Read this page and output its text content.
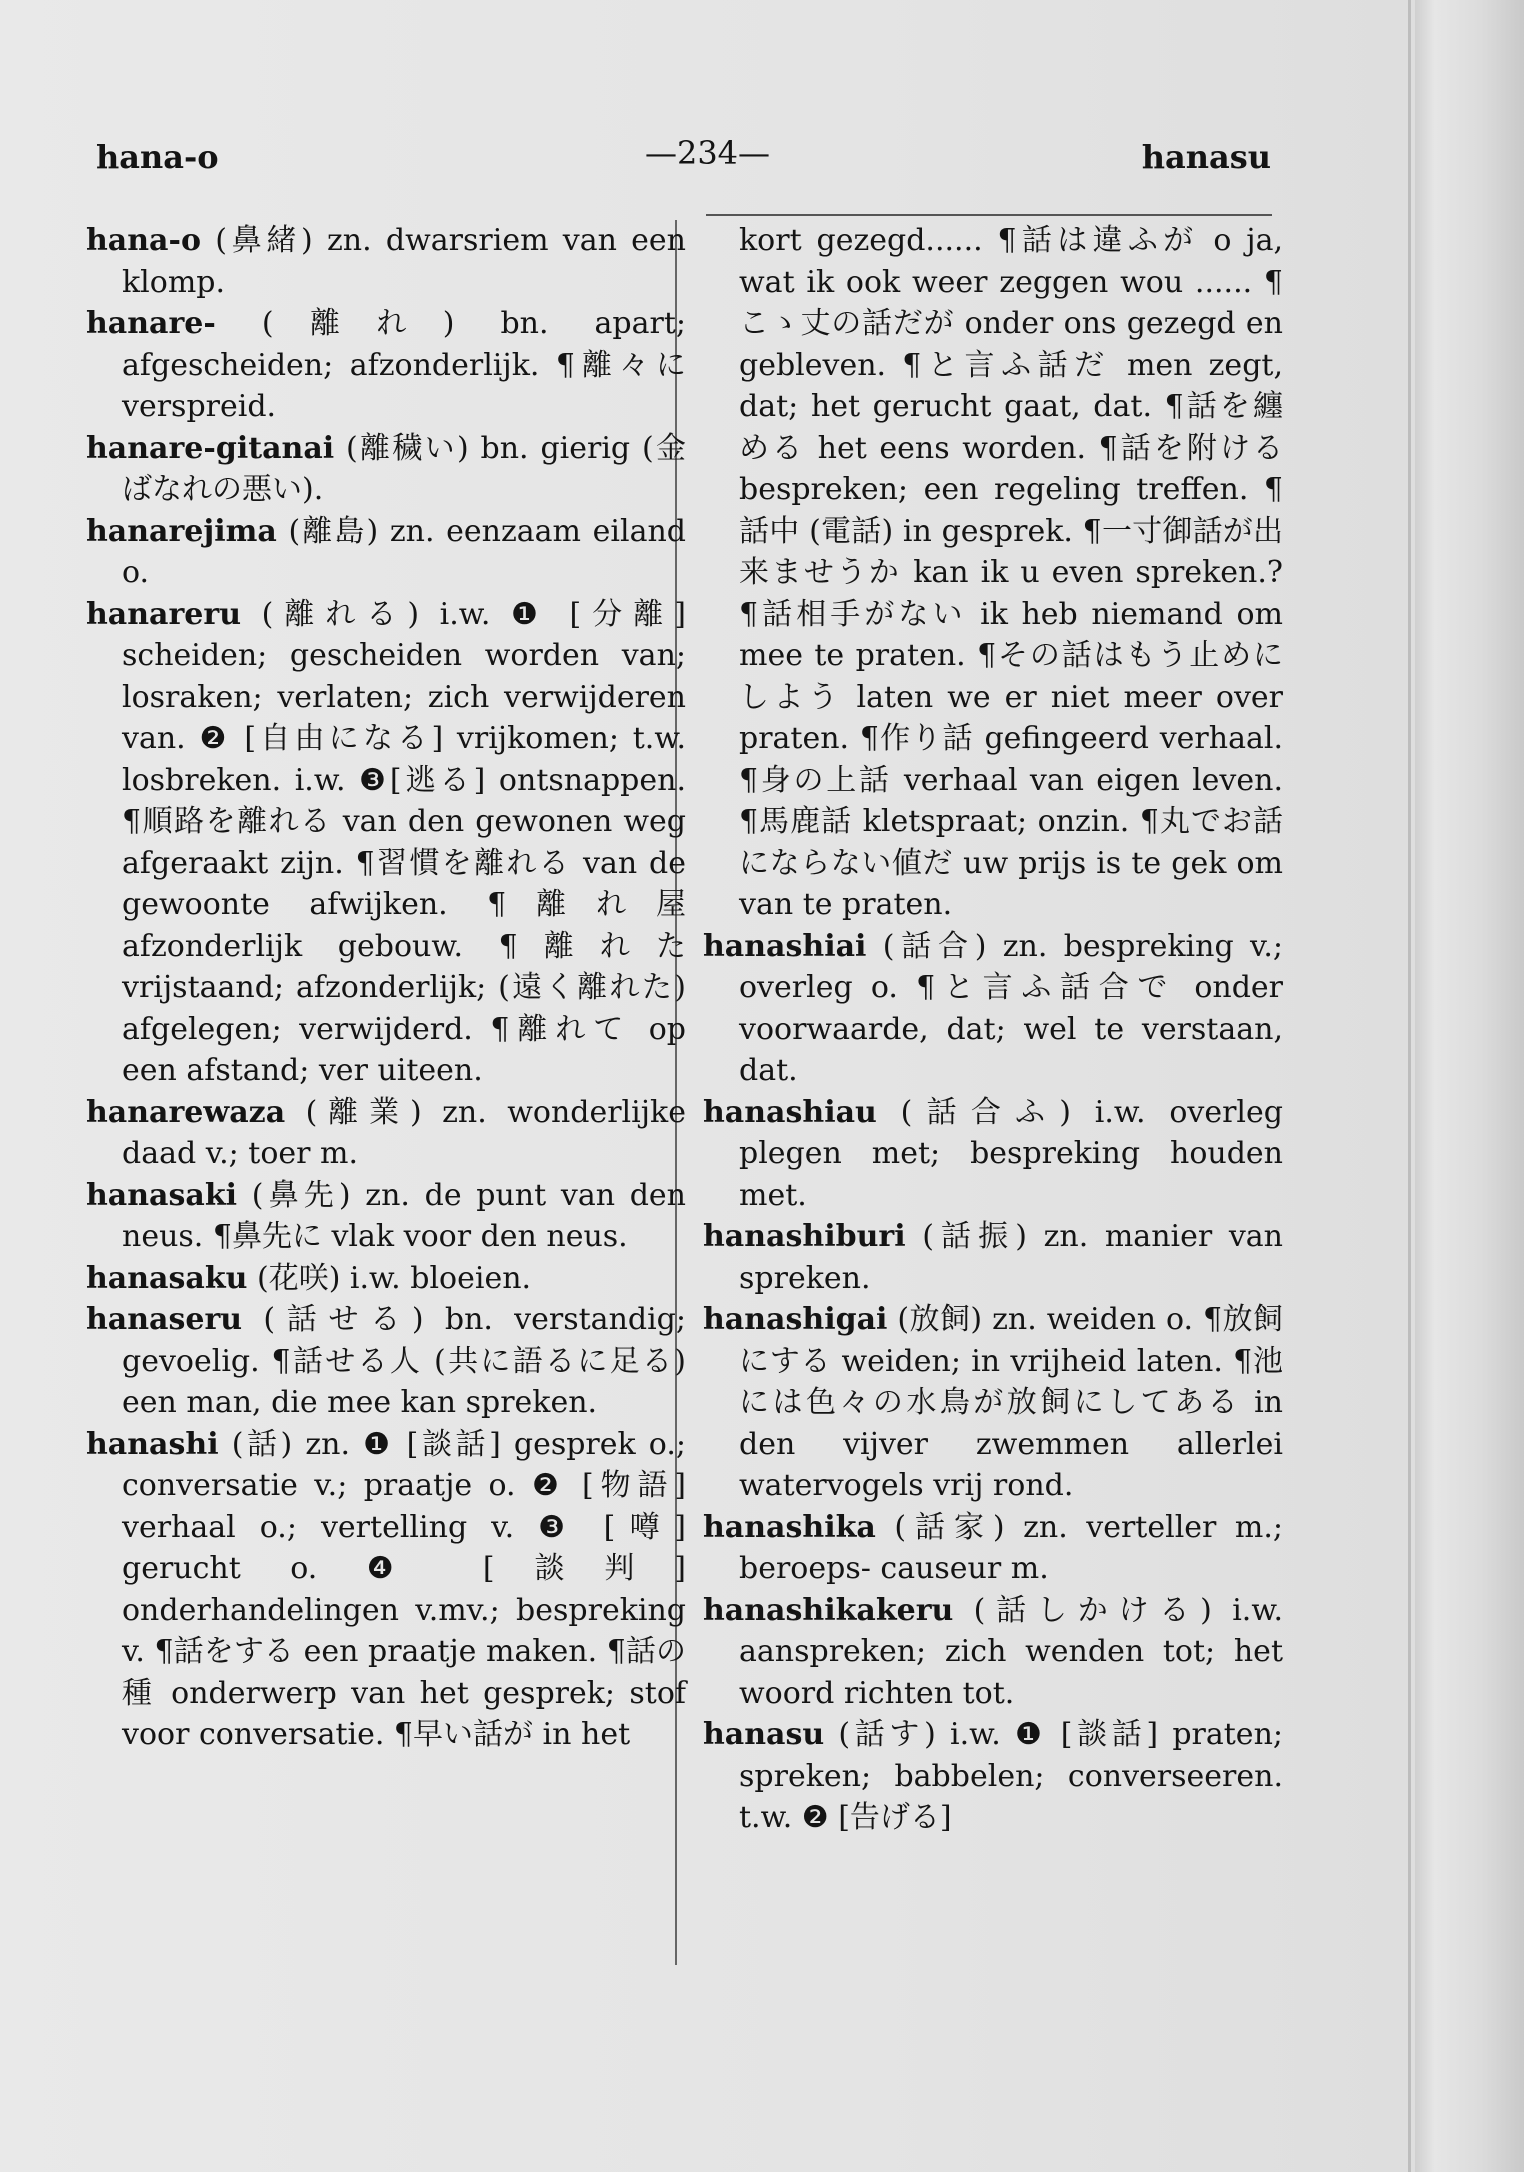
hana-o	—234—	hanasu

hana-o (鼻緒) zn. dwarsriem van een klomp.

hanare- (離れ) bn. apart; afgescheiden; afzonderlijk. ¶離々に verspreid.

hanare-gitanai (離穢い) bn. gierig (金ばなれの悪い).

hanarejima (離島) zn. eenzaam eiland o.

hanareru (離れる) i.w. ❶ [分離] scheiden; gescheiden worden van; losraken; verlaten; zich verwijderen van. ❷ [自由になる] vrijkomen; t.w. losbreken. i.w. ❸[逃る] ontsnappen. ¶順路を離れる van den gewonen weg afgeraakt zijn. ¶習慣を離れる van de gewoonte afwijken. ¶離れ屋 afzonderlijk gebouw. ¶離れた vrijstaand; afzonderlijk; (遠く離れた) afgelegen; verwijderd. ¶離れて op een afstand; ver uiteen.

hanarewaza (離業) zn. wonderlijke daad v.; toer m.

hanasaki (鼻先) zn. de punt van den neus. ¶鼻先に vlak voor den neus.

hanasaku (花咲) i.w. bloeien.

hanaseru (話せる) bn. verstandig; gevoelig. ¶話せる人 (共に語るに足る) een man, die mee kan spreken.

hanashi (話) zn. ❶ [談話] gesprek o.; conversatie v.; praatje o. ❷ [物語] verhaal o.; vertelling v. ❸ [噂] gerucht o. ❹ [談判] onderhandelingen v.mv.; bespreking v. ¶話をする een praatje maken. ¶話の種 onderwerp van het gesprek; stof voor conversatie. ¶早い話が in het

kort gezegd...... ¶話は違ふが o ja, wat ik ook weer zeggen wou ...... ¶こゝ丈の話だが onder ons gezegd en gebleven. ¶と言ふ話だ men zegt, dat; het gerucht gaat, dat. ¶話を纏める het eens worden. ¶話を附ける bespreken; een regeling treffen. ¶話中 (電話) in gesprek. ¶一寸御話が出来ませうか kan ik u even spreken.? ¶話相手がない ik heb niemand om mee te praten. ¶その話はもう止めにしよう laten we er niet meer over praten. ¶作り話 gefingeerd verhaal. ¶身の上話 verhaal van eigen leven. ¶馬鹿話 kletspraat; onzin. ¶丸でお話にならない値だ uw prijs is te gek om van te praten.

hanashiai (話合) zn. bespreking v.; overleg o. ¶と言ふ話合で onder voorwaarde, dat; wel te verstaan, dat.

hanashiau (話合ふ) i.w. overleg plegen met; bespreking houden met.

hanashiburi (話振) zn. manier van spreken.

hanashigai (放飼) zn. weiden o. ¶放飼にする weiden; in vrijheid laten. ¶池には色々の水鳥が放飼にしてある in den vijver zwemmen allerlei watervogels vrij rond.

hanashika (話家) zn. verteller m.; beroeps- causeur m.

hanashikakeru (話しかける) i.w. aanspreken; zich wenden tot; het woord richten tot.

hanasu (話す) i.w. ❶ [談話] praten; spreken; babbelen; converseeren. t.w. ❷ [告げる]
